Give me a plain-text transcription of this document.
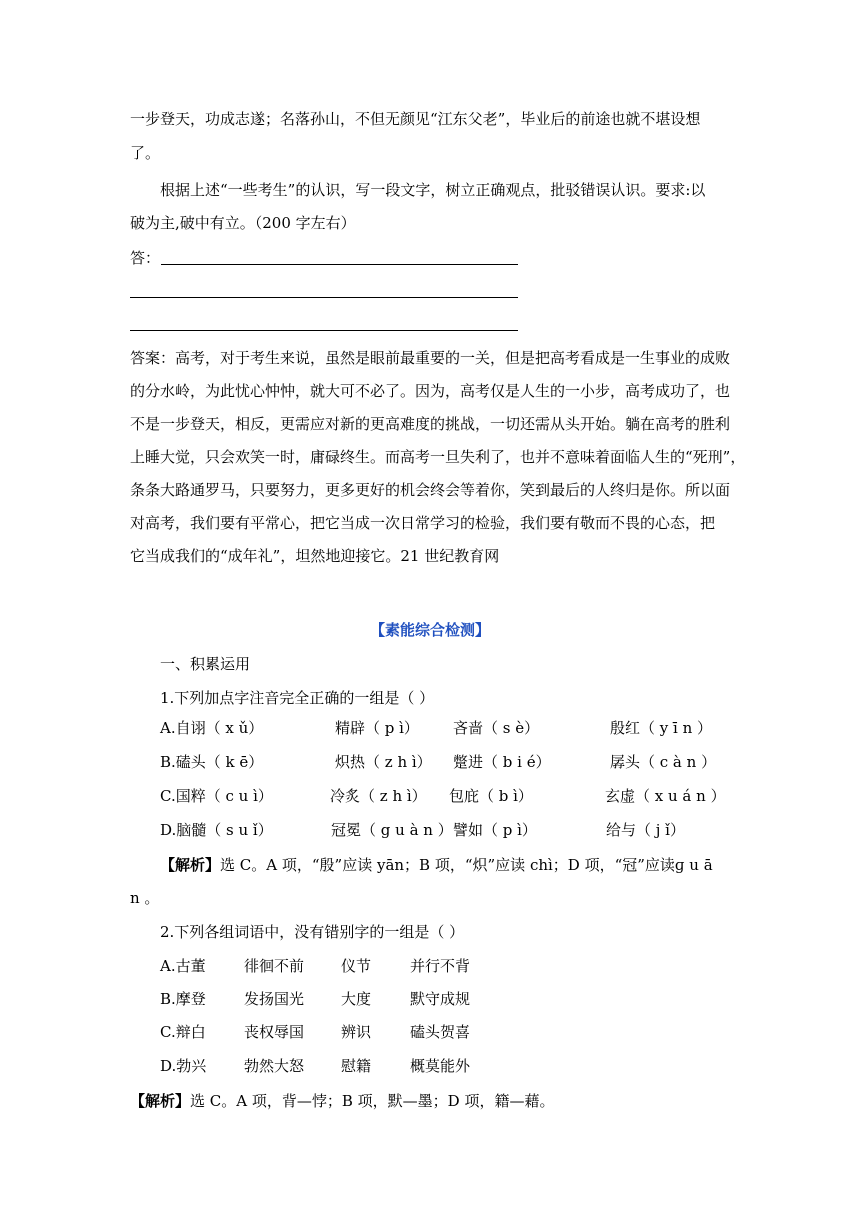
一步登天，功成志遂；名落孙山，不但无颜见“江东父老”，毕业后的前途也就不堪设想
了。
根据上述“一些考生”的认识，写一段文字，树立正确观点，批驳错误认识。要求:以
破为主,破中有立。（200 字左右）
答：
答案：高考，对于考生来说，虽然是眼前最重要的一关，但是把高考看成是一生事业的成败
的分水岭，为此忧心忡忡，就大可不必了。因为，高考仅是人生的一小步，高考成功了，也
不是一步登天，相反，更需应对新的更高难度的挑战，一切还需从头开始。躺在高考的胜利
上睡大觉，只会欢笑一时，庸碌终生。而高考一旦失利了，也并不意味着面临人生的“死刑”，
条条大路通罗马，只要努力，更多更好的机会终会等着你，笑到最后的人终归是你。所以面
对高考，我们要有平常心，把它当成一次日常学习的检验，我们要有敬而不畏的心态，把
它当成我们的“成年礼”，坦然地迎接它。21 世纪教育网
【素能综合检测】
一、积累运用
1.下列加点字注音完全正确的一组是（ ）
A.自诩（ x ǔ）	精辟（ p ì） 吝啬（ s è）	殷红（ y ī n ）
B.磕头（ k ē）	炽热（ z h ì） 蹩进（ b i é）	孱头（ c à n ）
C.国粹（ c u ì）	冷炙（ z h ì） 包庇（ b ì）	玄虚（ x u á n ）
D.脑髓（ s u ǐ）	冠冕（ g u à n ） 譬如（ p ì）	给与（ j ǐ）
【解析】选 C。A 项，“殷”应读 yān；B 项，“炽”应读 chì；D 项，“冠”应读ɡ u ā
n 。
2.下列各组词语中，没有错别字的一组是（ ）
A.古董	徘徊不前 仪节	并行不背
B.摩登	发扬国光 大度	默守成规
C.辩白	丧权辱国 辨识	磕头贺喜
D.勃兴	勃然大怒 慰籍	概莫能外
【解析】选 C。A 项，背—悖；B 项，默—墨；D 项，籍—藉。
